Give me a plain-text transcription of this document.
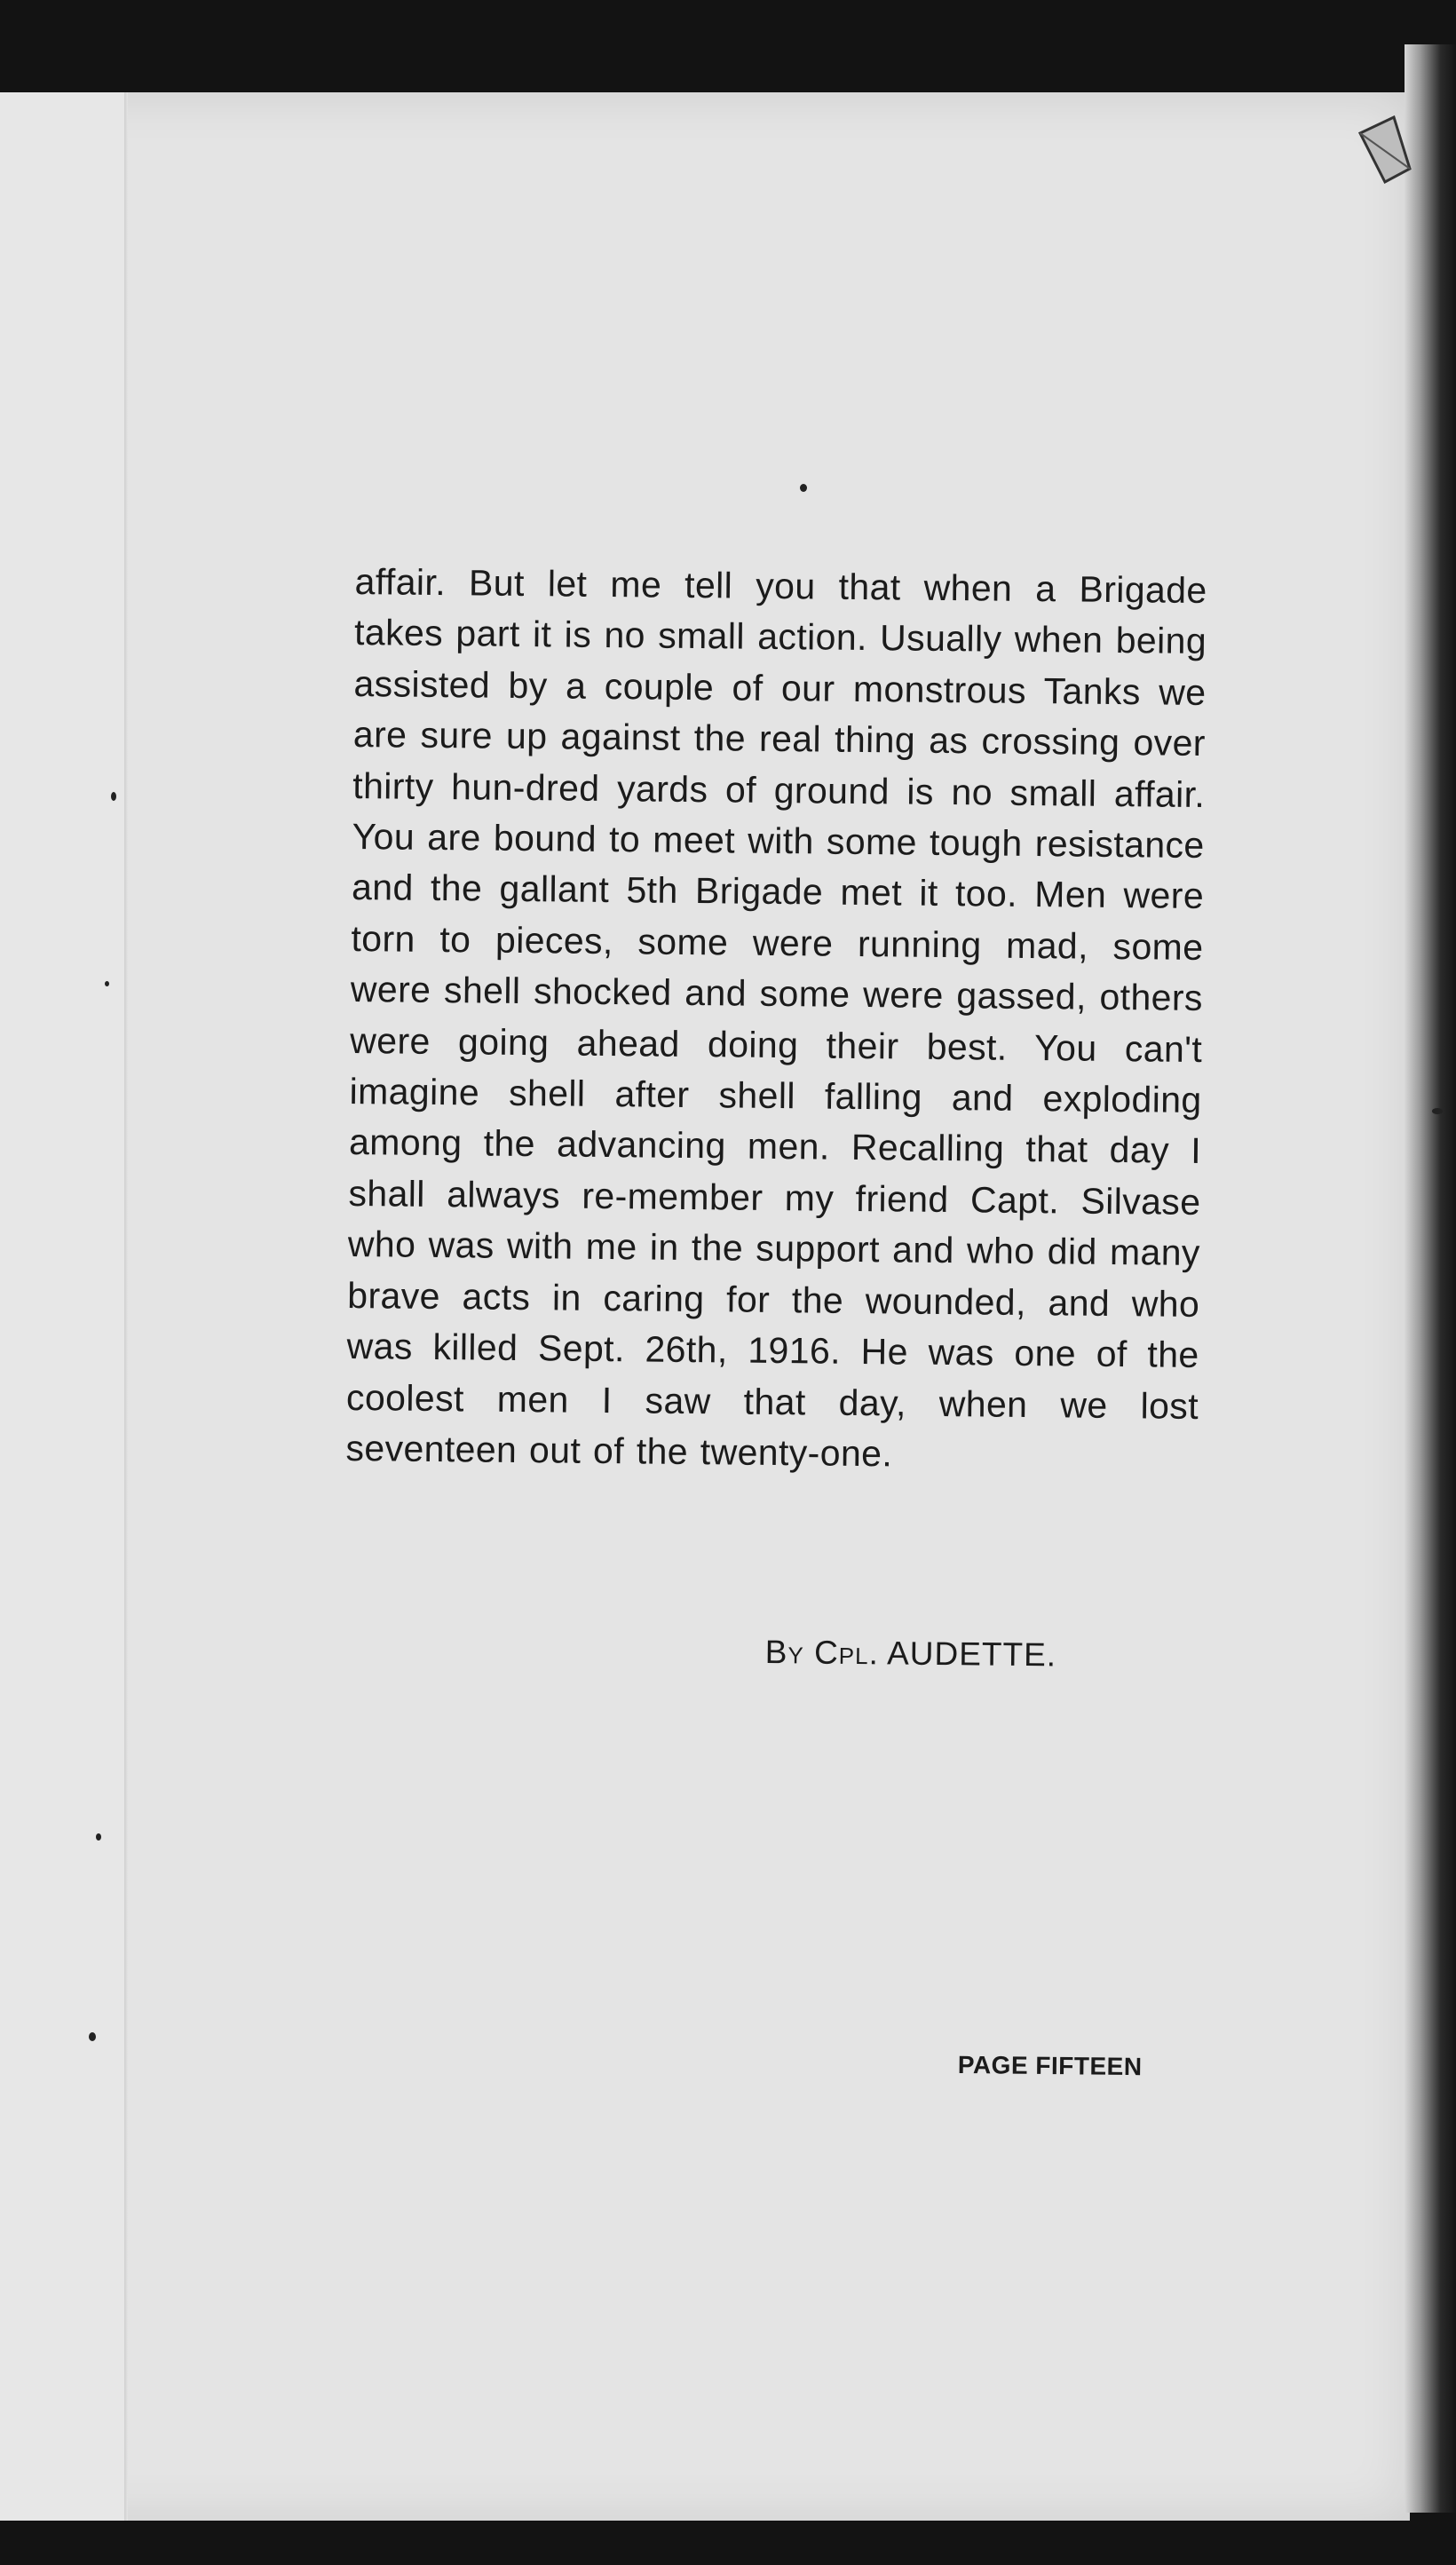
affair. But let me tell you that when a Brigade takes part it is no small action. Usually when being assisted by a couple of our monstrous Tanks we are sure up against the real thing as crossing over thirty hun-dred yards of ground is no small affair. You are bound to meet with some tough resistance and the gallant 5th Brigade met it too. Men were torn to pieces, some were running mad, some were shell shocked and some were gassed, others were going ahead doing their best. You can't imagine shell after shell falling and exploding among the advancing men. Recalling that day I shall always re-member my friend Capt. Silvase who was with me in the support and who did many brave acts in caring for the wounded, and who was killed Sept. 26th, 1916. He was one of the coolest men I saw that day, when we lost seventeen out of the twenty-one.
By Cpl. AUDETTE.
PAGE FIFTEEN
